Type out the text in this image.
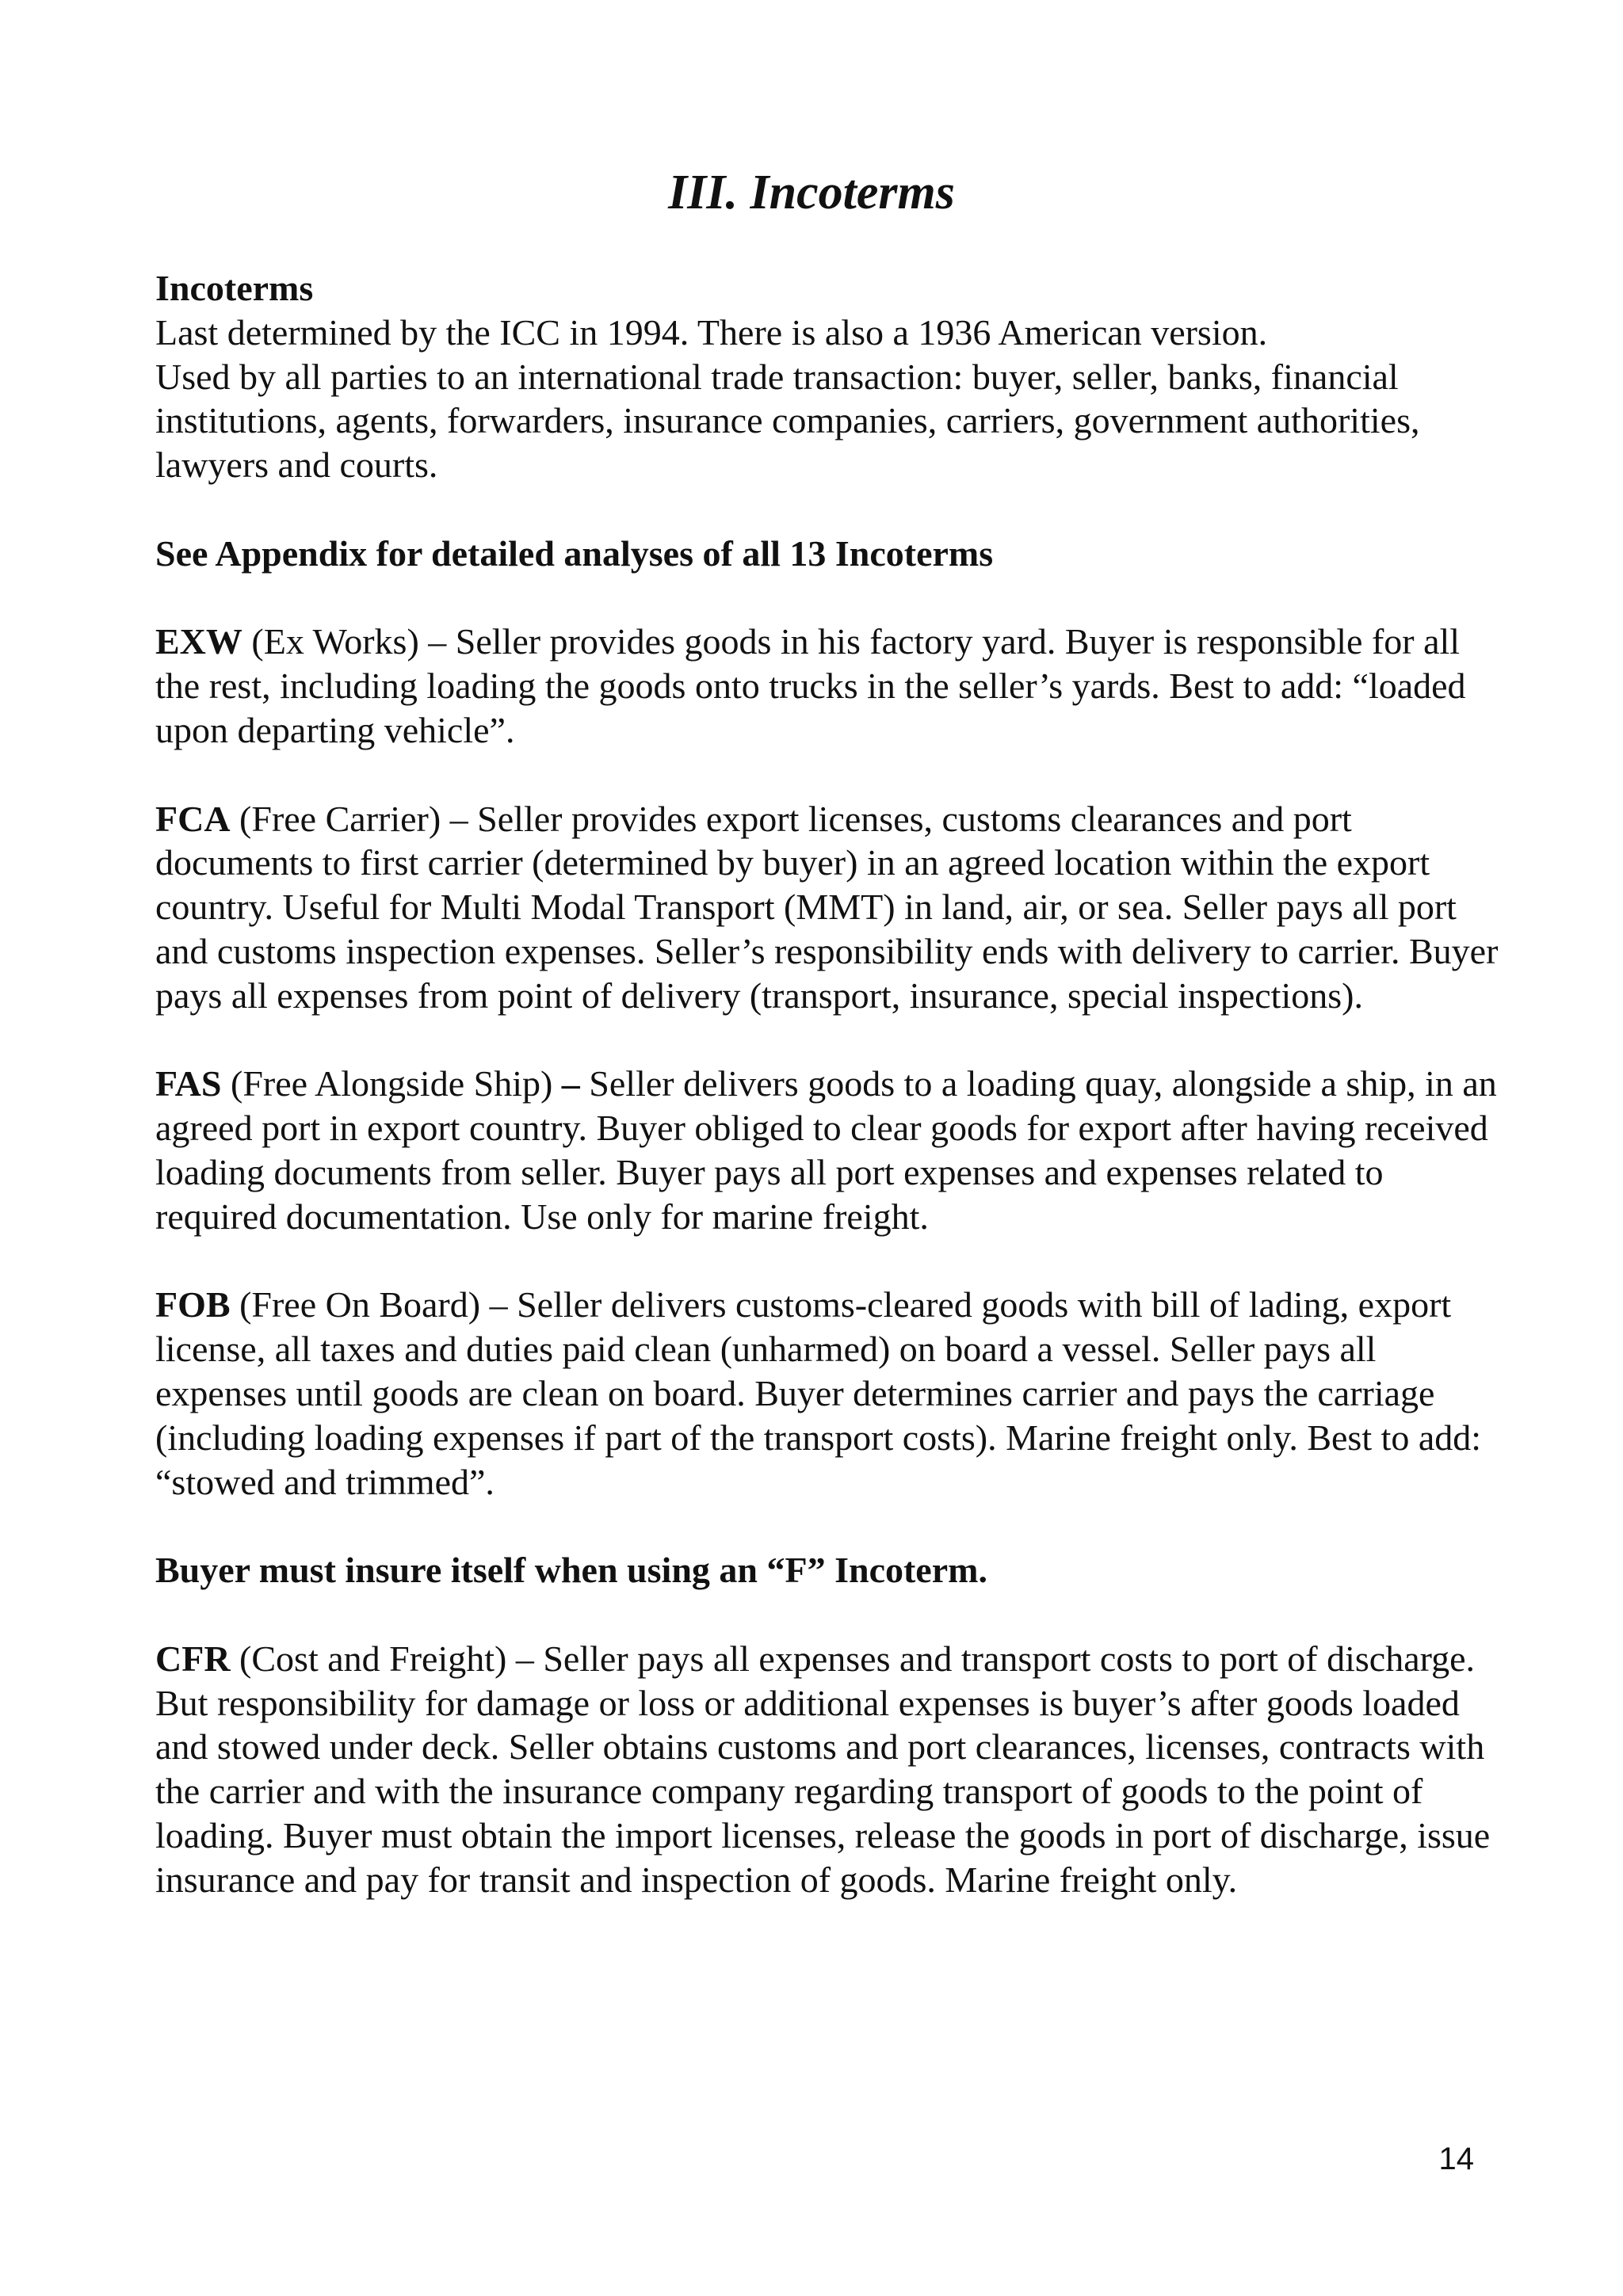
III. Incoterms

Incoterms

Last determined by the ICC in 1994. There is also a 1936 American version.

Used by all parties to an international trade transaction: buyer, seller, banks, financial institutions, agents, forwarders, insurance companies, carriers, government authorities, lawyers and courts.

See Appendix for detailed analyses of all 13 Incoterms

EXW (Ex Works) – Seller provides goods in his factory yard. Buyer is responsible for all the rest, including loading the goods onto trucks in the seller’s yards. Best to add: “loaded upon departing vehicle”.

FCA (Free Carrier) – Seller provides export licenses, customs clearances and port documents to first carrier (determined by buyer) in an agreed location within the export country. Useful for Multi Modal Transport (MMT) in land, air, or sea. Seller pays all port and customs inspection expenses. Seller’s responsibility ends with delivery to carrier. Buyer pays all expenses from point of delivery (transport, insurance, special inspections).

FAS (Free Alongside Ship) – Seller delivers goods to a loading quay, alongside a ship, in an agreed port in export country. Buyer obliged to clear goods for export after having received loading documents from seller. Buyer pays all port expenses and expenses related to required documentation. Use only for marine freight.

FOB (Free On Board) – Seller delivers customs-cleared goods with bill of lading, export license, all taxes and duties paid clean (unharmed) on board a vessel. Seller pays all expenses until goods are clean on board. Buyer determines carrier and pays the carriage (including loading expenses if part of the transport costs). Marine freight only. Best to add: “stowed and trimmed”.

Buyer must insure itself when using an “F” Incoterm.

CFR (Cost and Freight) – Seller pays all expenses and transport costs to port of discharge. But responsibility for damage or loss or additional expenses is buyer’s after goods loaded and stowed under deck. Seller obtains customs and port clearances, licenses, contracts with the carrier and with the insurance company regarding transport of goods to the point of loading. Buyer must obtain the import licenses, release the goods in port of discharge, issue insurance and pay for transit and inspection of goods. Marine freight only.

14
